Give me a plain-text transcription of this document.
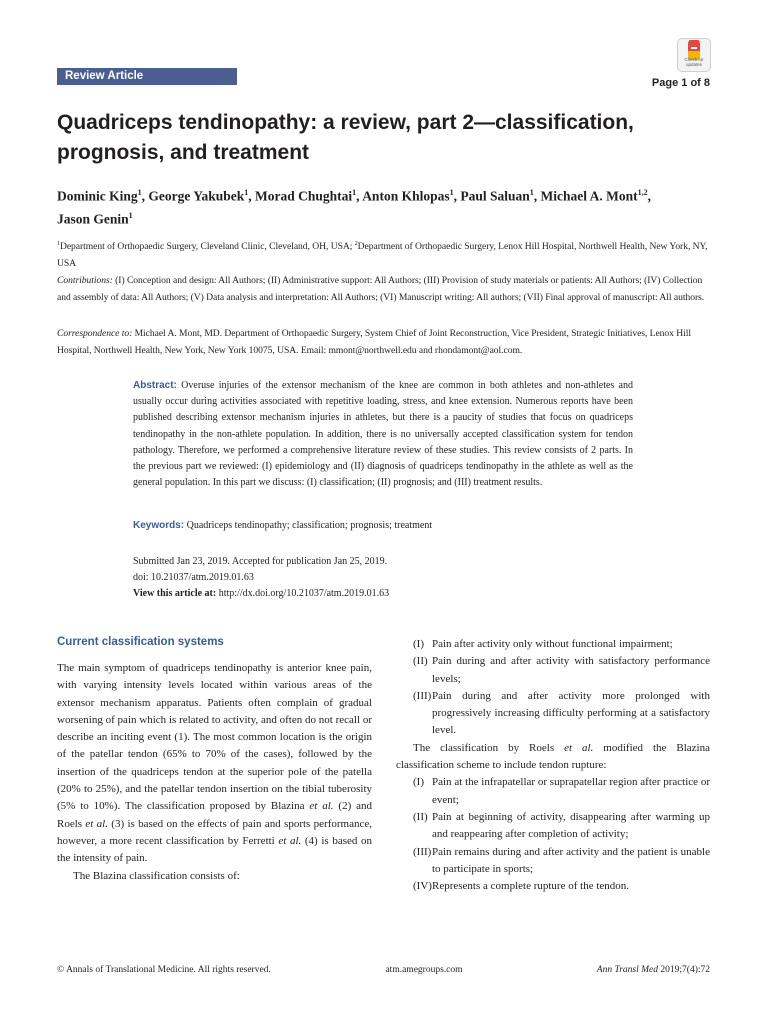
Review Article
Check for updates
Page 1 of 8
Quadriceps tendinopathy: a review, part 2—classification, prognosis, and treatment

Dominic King$^1$, George Yakubek$^1$, Morad Chughtai$^1$, Anton Khlopas$^1$, Paul Saluan$^1$, Michael A. Mont$^{1,2}$,
Jason Genin$^1$

$^1$Department of Orthopaedic Surgery, Cleveland Clinic, Cleveland, OH, USA; $^2$Department of Orthopaedic Surgery, Lenox Hill Hospital, Northwell Health, New York, NY, USA

Contributions: (I) Conception and design: All Authors; (II) Administrative support: All Authors; (III) Provision of study materials or patients: All Authors; (IV) Collection and assembly of data: All Authors; (V) Data analysis and interpretation: All Authors; (VI) Manuscript writing: All authors; (VII) Final approval of manuscript: All authors.

Correspondence to: Michael A. Mont, MD. Department of Orthopaedic Surgery, System Chief of Joint Reconstruction, Vice President, Strategic Initiatives, Lenox Hill Hospital, Northwell Health, New York, New York 10075, USA. Email: mmont@northwell.edu and rhondamont@aol.com.

Abstract: Overuse injuries of the extensor mechanism of the knee are common in both athletes and non-athletes and usually occur during activities associated with repetitive loading, stress, and knee extension. Numerous reports have been published describing extensor mechanism injuries in athletes, but there is a paucity of studies that focus on quadriceps tendinopathy in the non-athlete population. In addition, there is no universally accepted classification system for tendon pathology. Therefore, we performed a comprehensive literature review of these studies. This review consists of 2 parts. In the previous part we reviewed: (I) epidemiology and (II) diagnosis of quadriceps tendinopathy in the athlete as well as the general population. In this part we discuss: (I) classification; (II) prognosis; and (III) treatment results.

Keywords: Quadriceps tendinopathy; classification; prognosis; treatment

Submitted Jan 23, 2019. Accepted for publication Jan 25, 2019.

doi: 10.21037/atm.2019.01.63

View this article at: http://dx.doi.org/10.21037/atm.2019.01.63

Current classification systems

The main symptom of quadriceps tendinopathy is anterior knee pain, with varying intensity levels located within various areas of the extensor mechanism apparatus. Patients often complain of gradual worsening of pain which is related to activity, and often do not recall or describe an inciting event (1). The most common location is the origin of the patellar tendon (65% to 70% of the cases), followed by the insertion of the quadriceps tendon at the superior pole of the patella (20% to 25%), and the patellar tendon insertion on the tibial tuberosity (5% to 10%). The classification proposed by Blazina et al. (2) and Roels et al. (3) is based on the effects of pain and sports performance, however, a more recent classification by Ferretti et al. (4) is based on the intensity of pain.

The Blazina classification consists of:

(I) Pain after activity only without functional impairment;
(II) Pain during and after activity with satisfactory performance levels;
(III) Pain during and after activity more prolonged with progressively increasing difficulty performing at a satisfactory level.

The classification by Roels et al. modified the Blazina classification scheme to include tendon rupture:

(I) Pain at the infrapatellar or suprapatellar region after practice or event;
(II) Pain at beginning of activity, disappearing after warming up and reappearing after completion of activity;
(III) Pain remains during and after activity and the patient is unable to participate in sports;
(IV) Represents a complete rupture of the tendon.
© Annals of Translational Medicine. All rights reserved.	atm.amegroups.com	Ann Transl Med 2019;7(4):72
